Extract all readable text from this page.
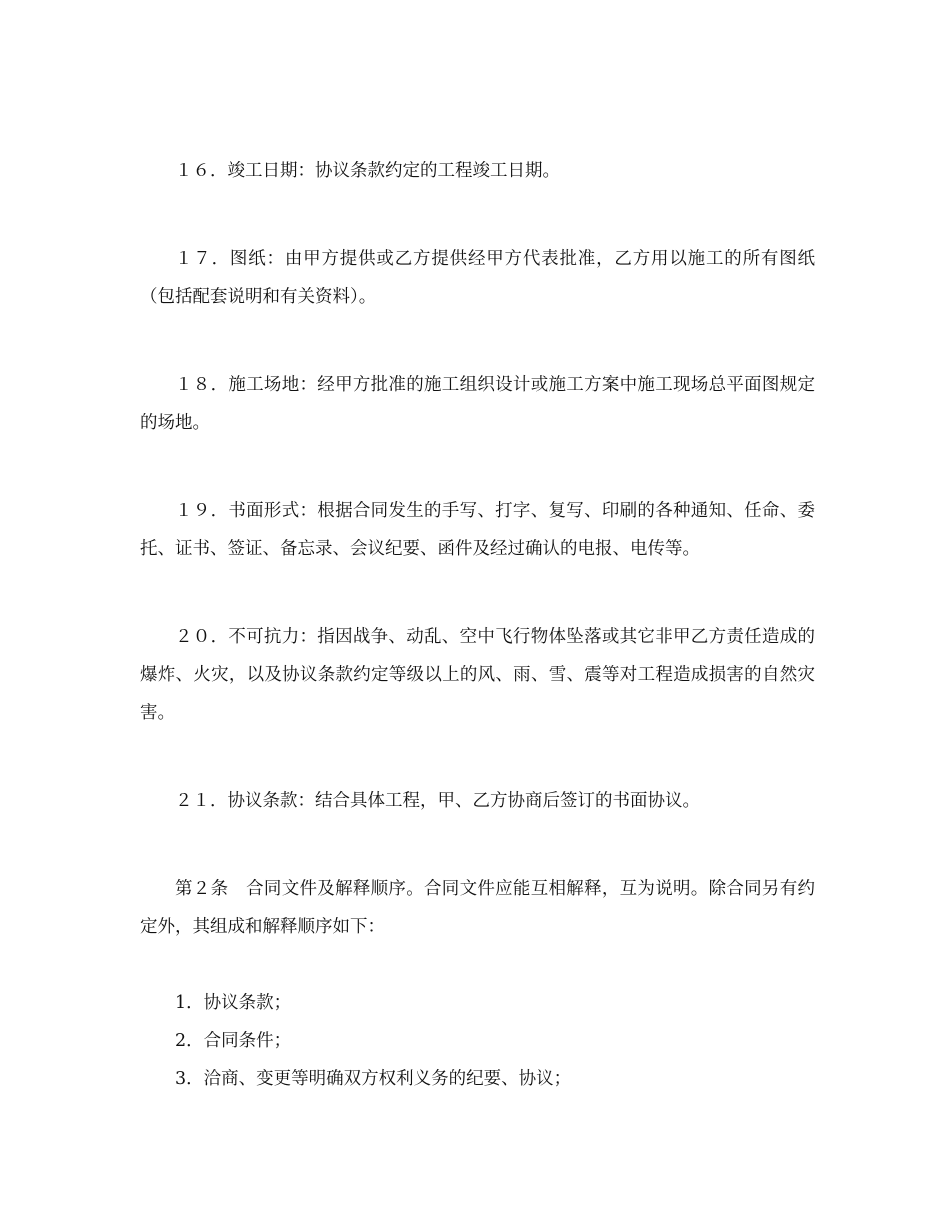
１６．竣工日期：协议条款约定的工程竣工日期。

１７．图纸：由甲方提供或乙方提供经甲方代表批准，乙方用以施工的所有图纸（包括配套说明和有关资料）。

１８．施工场地：经甲方批准的施工组织设计或施工方案中施工现场总平面图规定的场地。

１９．书面形式：根据合同发生的手写、打字、复写、印刷的各种通知、任命、委托、证书、签证、备忘录、会议纪要、函件及经过确认的电报、电传等。

２０．不可抗力：指因战争、动乱、空中飞行物体坠落或其它非甲乙方责任造成的爆炸、火灾，以及协议条款约定等级以上的风、雨、雪、震等对工程造成损害的自然灾害。

２１．协议条款：结合具体工程，甲、乙方协商后签订的书面协议。

第２条　合同文件及解释顺序。合同文件应能互相解释，互为说明。除合同另有约定外，其组成和解释顺序如下：

1．协议条款；

2．合同条件；

3．洽商、变更等明确双方权利义务的纪要、协议；
